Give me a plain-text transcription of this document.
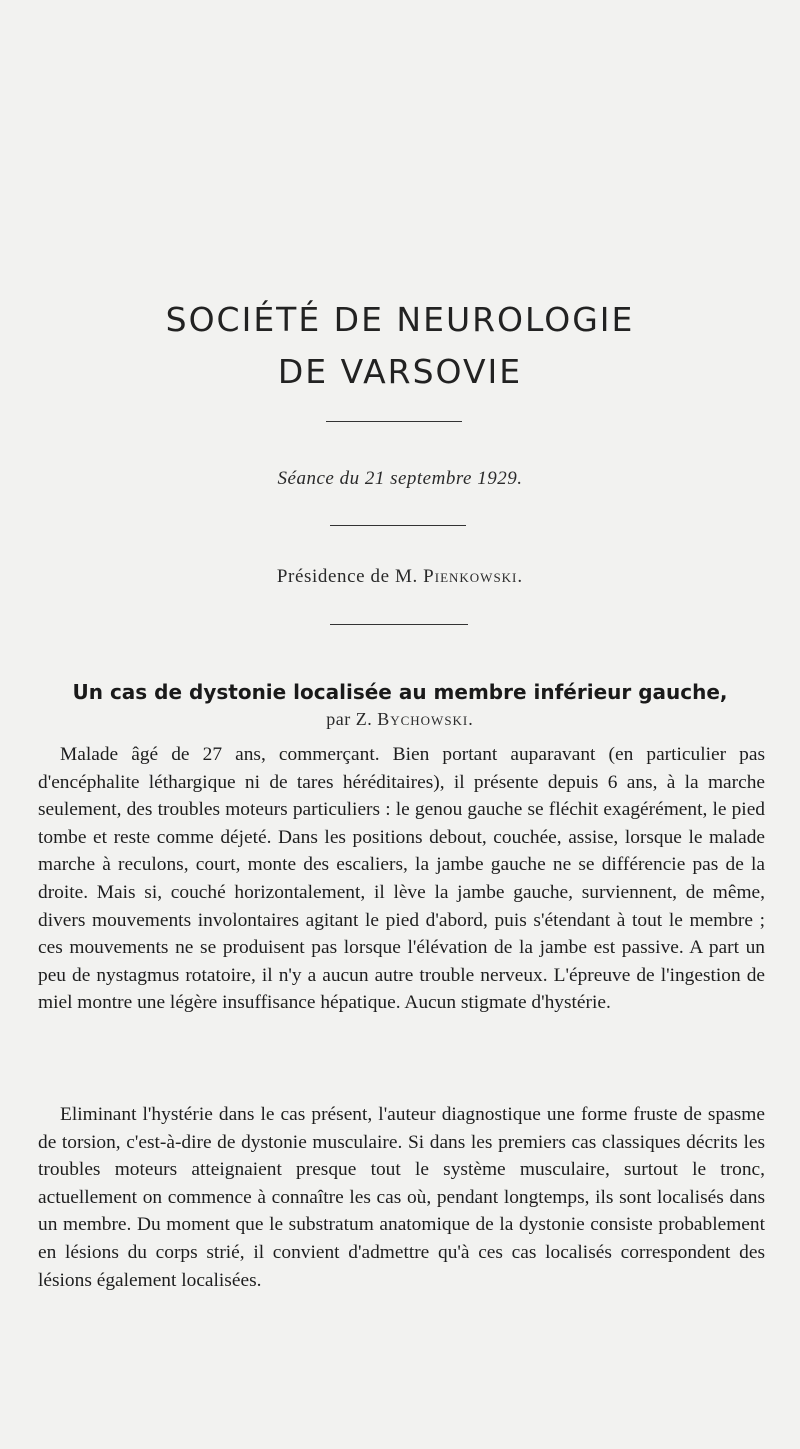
SOCIÉTÉ DE NEUROLOGIE
DE VARSOVIE
Séance du 21 septembre 1929.
Présidence de M. Pienkowski.
Un cas de dystonie localisée au membre inférieur gauche,
par Z. Bychowski.

Malade âgé de 27 ans, commerçant. Bien portant auparavant (en particulier pas d'encéphalite léthargique ni de tares héréditaires), il présente depuis 6 ans, à la marche seulement, des troubles moteurs particuliers : le genou gauche se fléchit exagérément, le pied tombe et reste comme déjeté. Dans les positions debout, couchée, assise, lorsque le malade marche à reculons, court, monte des escaliers, la jambe gauche ne se différencie pas de la droite. Mais si, couché horizontalement, il lève la jambe gauche, surviennent, de même, divers mouvements involontaires agitant le pied d'abord, puis s'étendant à tout le membre ; ces mouvements ne se produisent pas lorsque l'élévation de la jambe est passive. A part un peu de nystagmus rotatoire, il n'y a aucun autre trouble nerveux. L'épreuve de l'ingestion de miel montre une légère insuffisance hépatique. Aucun stigmate d'hystérie.

Eliminant l'hystérie dans le cas présent, l'auteur diagnostique une forme fruste de spasme de torsion, c'est-à-dire de dystonie musculaire. Si dans les premiers cas classiques décrits les troubles moteurs atteignaient presque tout le système musculaire, surtout le tronc, actuellement on commence à connaître les cas où, pendant longtemps, ils sont localisés dans un membre. Du moment que le substratum anatomique de la dystonie consiste probablement en lésions du corps strié, il convient d'admettre qu'à ces cas localisés correspondent des lésions également localisées.
